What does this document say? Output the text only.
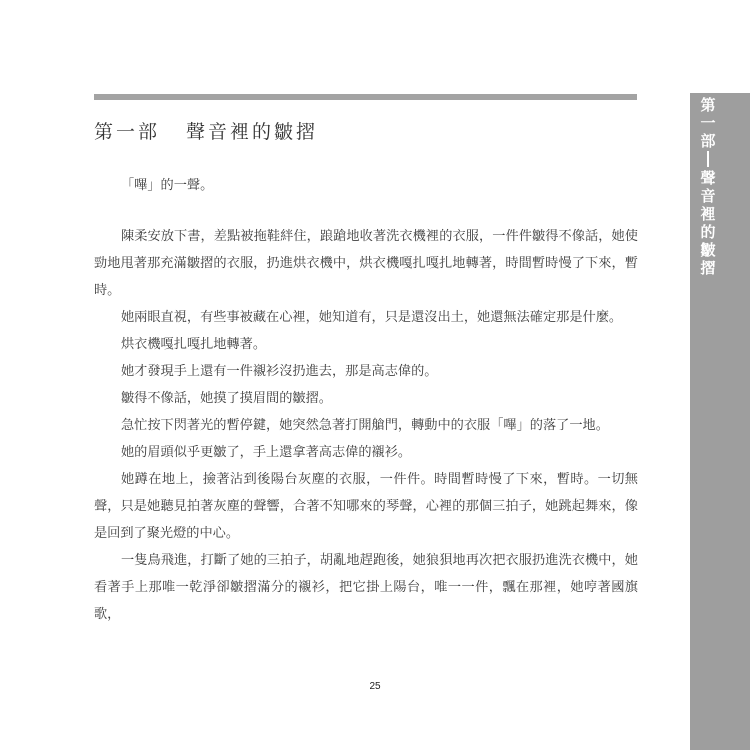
第一部 聲音裡的皺摺

「嗶」的一聲。

陳柔安放下書，差點被拖鞋絆住，踉蹌地收著洗衣機裡的衣服，一件件皺得不像話，她使勁地甩著那充滿皺摺的衣服，扔進烘衣機中，烘衣機嘎扎嘎扎地轉著，時間暫時慢了下來，暫時。

她兩眼直視，有些事被藏在心裡，她知道有，只是還沒出土，她還無法確定那是什麼。

烘衣機嘎扎嘎扎地轉著。

她才發現手上還有一件襯衫沒扔進去，那是高志偉的。

皺得不像話，她摸了摸眉間的皺摺。

急忙按下閃著光的暫停鍵，她突然急著打開艙門，轉動中的衣服「嗶」的落了一地。

她的眉頭似乎更皺了，手上還拿著高志偉的襯衫。

她蹲在地上，撿著沾到後陽台灰塵的衣服，一件件。時間暫時慢了下來，暫時。一切無聲，只是她聽見拍著灰塵的聲響，合著不知哪來的琴聲，心裡的那個三拍子，她跳起舞來，像是回到了聚光燈的中心。

一隻鳥飛進，打斷了她的三拍子，胡亂地趕跑後，她狼狽地再次把衣服扔進洗衣機中，她看著手上那唯一乾淨卻皺摺滿分的襯衫，把它掛上陽台，唯一一件，飄在那裡，她哼著國旗歌，

25
第
一
部
聲
音
裡
的
皺
摺
